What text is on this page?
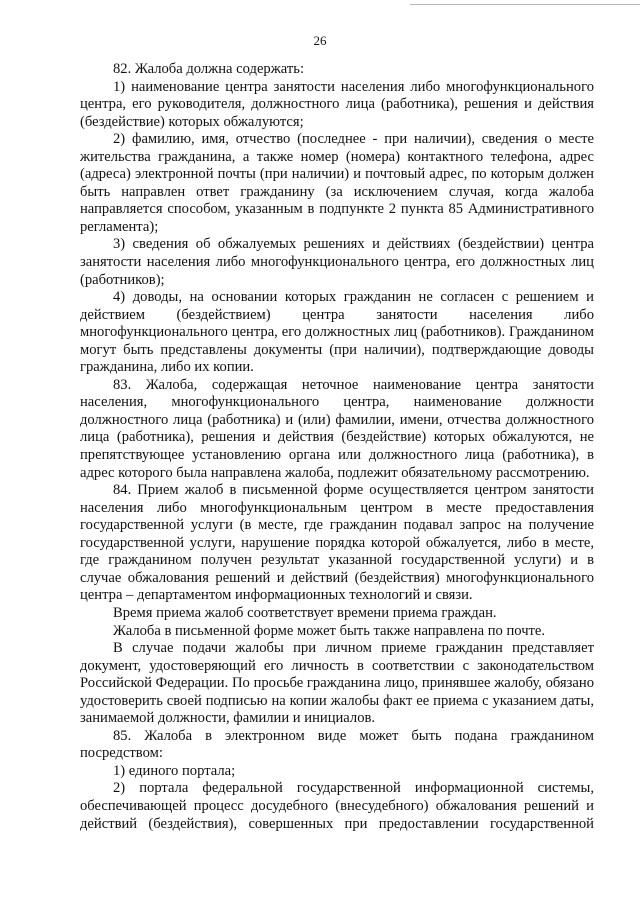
26

82. Жалоба должна содержать:

1) наименование центра занятости населения либо многофункционального центра, его руководителя, должностного лица (работника), решения и действия (бездействие) которых обжалуются;

2) фамилию, имя, отчество (последнее - при наличии), сведения о месте жительства гражданина, а также номер (номера) контактного телефона, адрес (адреса) электронной почты (при наличии) и почтовый адрес, по которым должен быть направлен ответ гражданину (за исключением случая, когда жалоба направляется способом, указанным в подпункте 2 пункта 85 Административного регламента);

3) сведения об обжалуемых решениях и действиях (бездействии) центра занятости населения либо многофункционального центра, его должностных лиц (работников);

4) доводы, на основании которых гражданин не согласен с решением и действием (бездействием) центра занятости населения либо многофункционального центра, его должностных лиц (работников). Гражданином могут быть представлены документы (при наличии), подтверждающие доводы гражданина, либо их копии.

83. Жалоба, содержащая неточное наименование центра занятости населения, многофункционального центра, наименование должности должностного лица (работника) и (или) фамилии, имени, отчества должностного лица (работника), решения и действия (бездействие) которых обжалуются, не препятствующее установлению органа или должностного лица (работника), в адрес которого была направлена жалоба, подлежит обязательному рассмотрению.

84. Прием жалоб в письменной форме осуществляется центром занятости населения либо многофункциональным центром в месте предоставления государственной услуги (в месте, где гражданин подавал запрос на получение государственной услуги, нарушение порядка которой обжалуется, либо в месте, где гражданином получен результат указанной государственной услуги) и в случае обжалования решений и действий (бездействия) многофункционального центра – департаментом информационных технологий и связи.

Время приема жалоб соответствует времени приема граждан.

Жалоба в письменной форме может быть также направлена по почте.

В случае подачи жалобы при личном приеме гражданин представляет документ, удостоверяющий его личность в соответствии с законодательством Российской Федерации. По просьбе гражданина лицо, принявшее жалобу, обязано удостоверить своей подписью на копии жалобы факт ее приема с указанием даты, занимаемой должности, фамилии и инициалов.

85. Жалоба в электронном виде может быть подана гражданином посредством:

1) единого портала;

2) портала федеральной государственной информационной системы, обеспечивающей процесс досудебного (внесудебного) обжалования решений и действий (бездействия), совершенных при предоставлении государственной
